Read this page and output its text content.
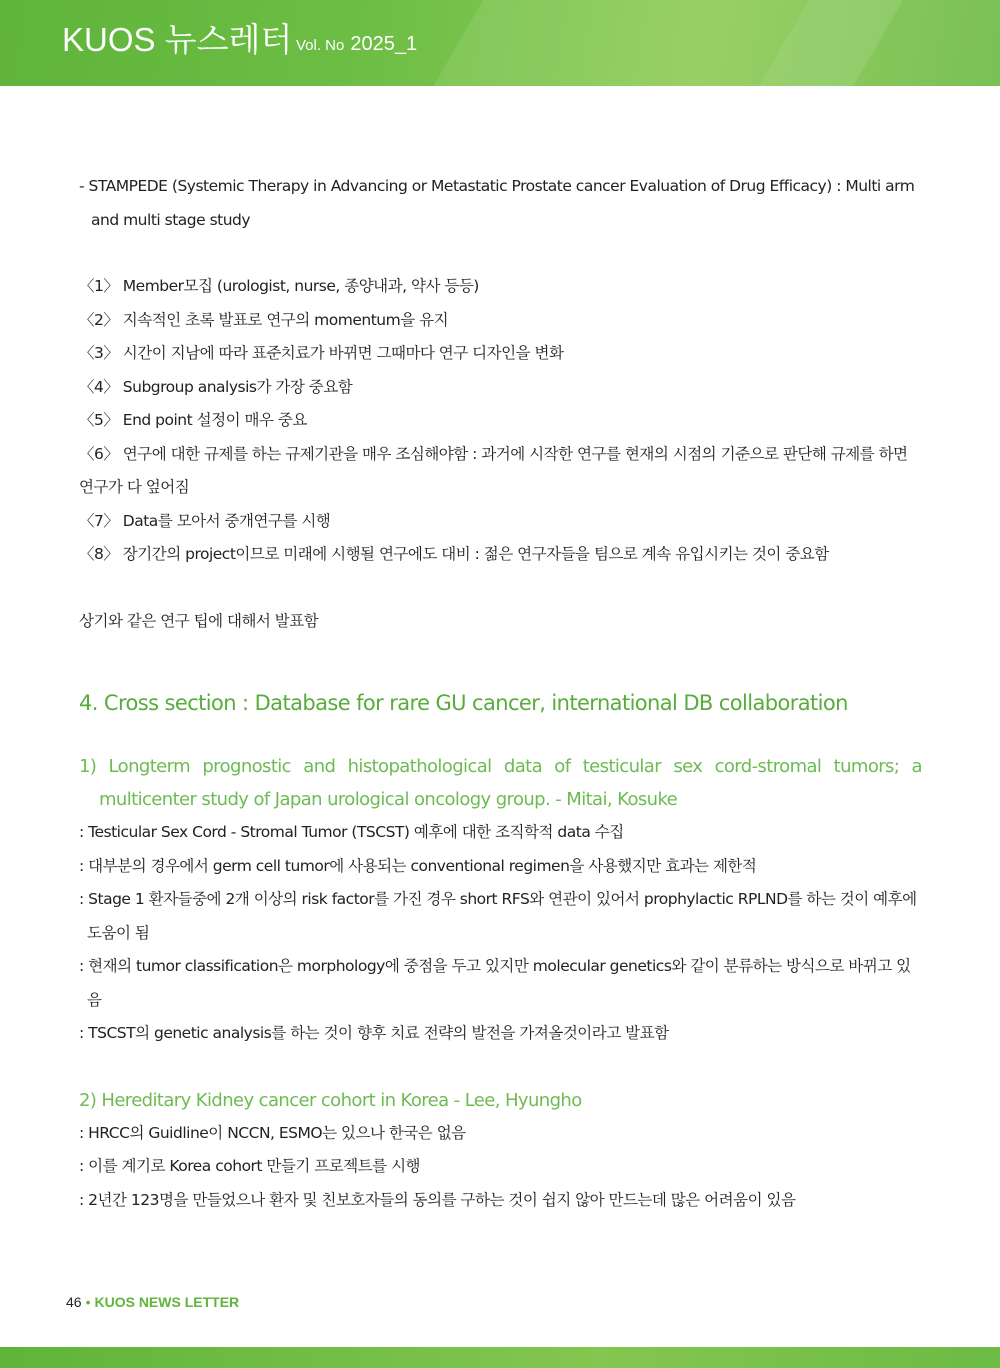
KUOS 뉴스레터 Vol. No 2025_1
- STAMPEDE (Systemic Therapy in Advancing or Metastatic Prostate cancer Evaluation of Drug Efficacy) : Multi arm and multi stage study
〈1〉 Member모집 (urologist, nurse, 종양내과, 약사 등등)
〈2〉 지속적인 초록 발표로 연구의 momentum을 유지
〈3〉 시간이 지남에 따라 표준치료가 바뀌면 그때마다 연구 디자인을 변화
〈4〉 Subgroup analysis가 가장 중요함
〈5〉 End point 설정이 매우 중요
〈6〉 연구에 대한 규제를 하는 규제기관을 매우 조심해야함 : 과거에 시작한 연구를 현재의 시점의 기준으로 판단해 규제를 하면 연구가 다 엎어짐
〈7〉 Data를 모아서 중개연구를 시행
〈8〉 장기간의 project이므로 미래에 시행될 연구에도 대비 : 젊은 연구자들을 팀으로 계속 유입시키는 것이 중요함
상기와 같은 연구 팁에 대해서 발표함
4. Cross section : Database for rare GU cancer, international DB collaboration
1) Longterm prognostic and histopathological data of testicular sex cord-stromal tumors; a multicenter study of Japan urological oncology group. - Mitai, Kosuke
: Testicular Sex Cord - Stromal Tumor (TSCST) 예후에 대한 조직학적 data 수집
: 대부분의 경우에서 germ cell tumor에 사용되는 conventional regimen을 사용했지만 효과는 제한적
: Stage 1 환자들중에 2개 이상의 risk factor를 가진 경우 short RFS와 연관이 있어서 prophylactic RPLND를 하는 것이 예후에 도움이 됨
: 현재의 tumor classification은 morphology에 중점을 두고 있지만 molecular genetics와 같이 분류하는 방식으로 바뀌고 있음
: TSCST의 genetic analysis를 하는 것이 향후 치료 전략의 발전을 가져올것이라고 발표함
2) Hereditary Kidney cancer cohort in Korea - Lee, Hyungho
: HRCC의 Guidline이 NCCN, ESMO는 있으나 한국은 없음
: 이를 계기로 Korea cohort 만들기 프로젝트를 시행
: 2년간 123명을 만들었으나 환자 및 친보호자들의 동의를 구하는 것이 쉽지 않아 만드는데 많은 어려움이 있음
46 • KUOS NEWS LETTER
